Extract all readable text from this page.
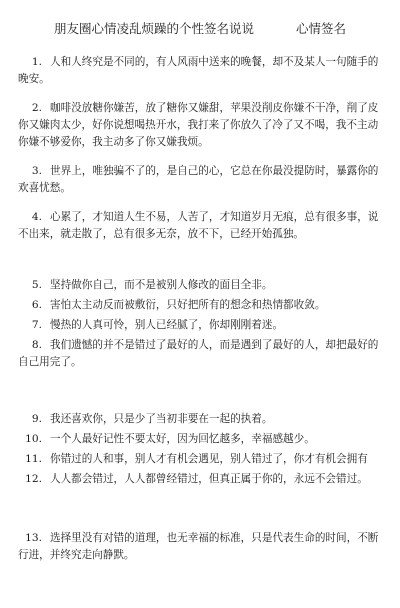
朋友圈心情凌乱烦躁的个性签名说说	心情签名

1. 人和人终究是不同的，有人风雨中送来的晚餐，却不及某人一句随手的晚安。

2. 咖啡没放糖你嫌苦，放了糖你又嫌甜，苹果没削皮你嫌不干净，削了皮你又嫌肉太少，好你说想喝热开水，我打来了你放久了冷了又不喝，我不主动你嫌不够爱你，我主动多了你又嫌我烦。

3. 世界上，唯独骗不了的，是自己的心，它总在你最没提防时，暴露你的欢喜忧愁。

4. 心累了，才知道人生不易，人苦了，才知道岁月无痕，总有很多事，说不出来，就走散了，总有很多无奈，放不下，已经开始孤独。

5. 坚持做你自己，而不是被别人修改的面目全非。

6. 害怕太主动反而被敷衍，只好把所有的想念和热情都收敛。

7. 慢热的人真可怜，别人已经腻了，你却刚刚着迷。

8. 我们遗憾的并不是错过了最好的人，而是遇到了最好的人，却把最好的自己用完了。

9. 我还喜欢你，只是少了当初非要在一起的执着。

10. 一个人最好记性不要太好，因为回忆越多，幸福感越少。

11. 你错过的人和事，别人才有机会遇见，别人错过了，你才有机会拥有

12. 人人都会错过，人人都曾经错过，但真正属于你的，永远不会错过。

13. 选择里没有对错的道理，也无幸福的标准，只是代表生命的时间，不断行进，并终究走向静默。
